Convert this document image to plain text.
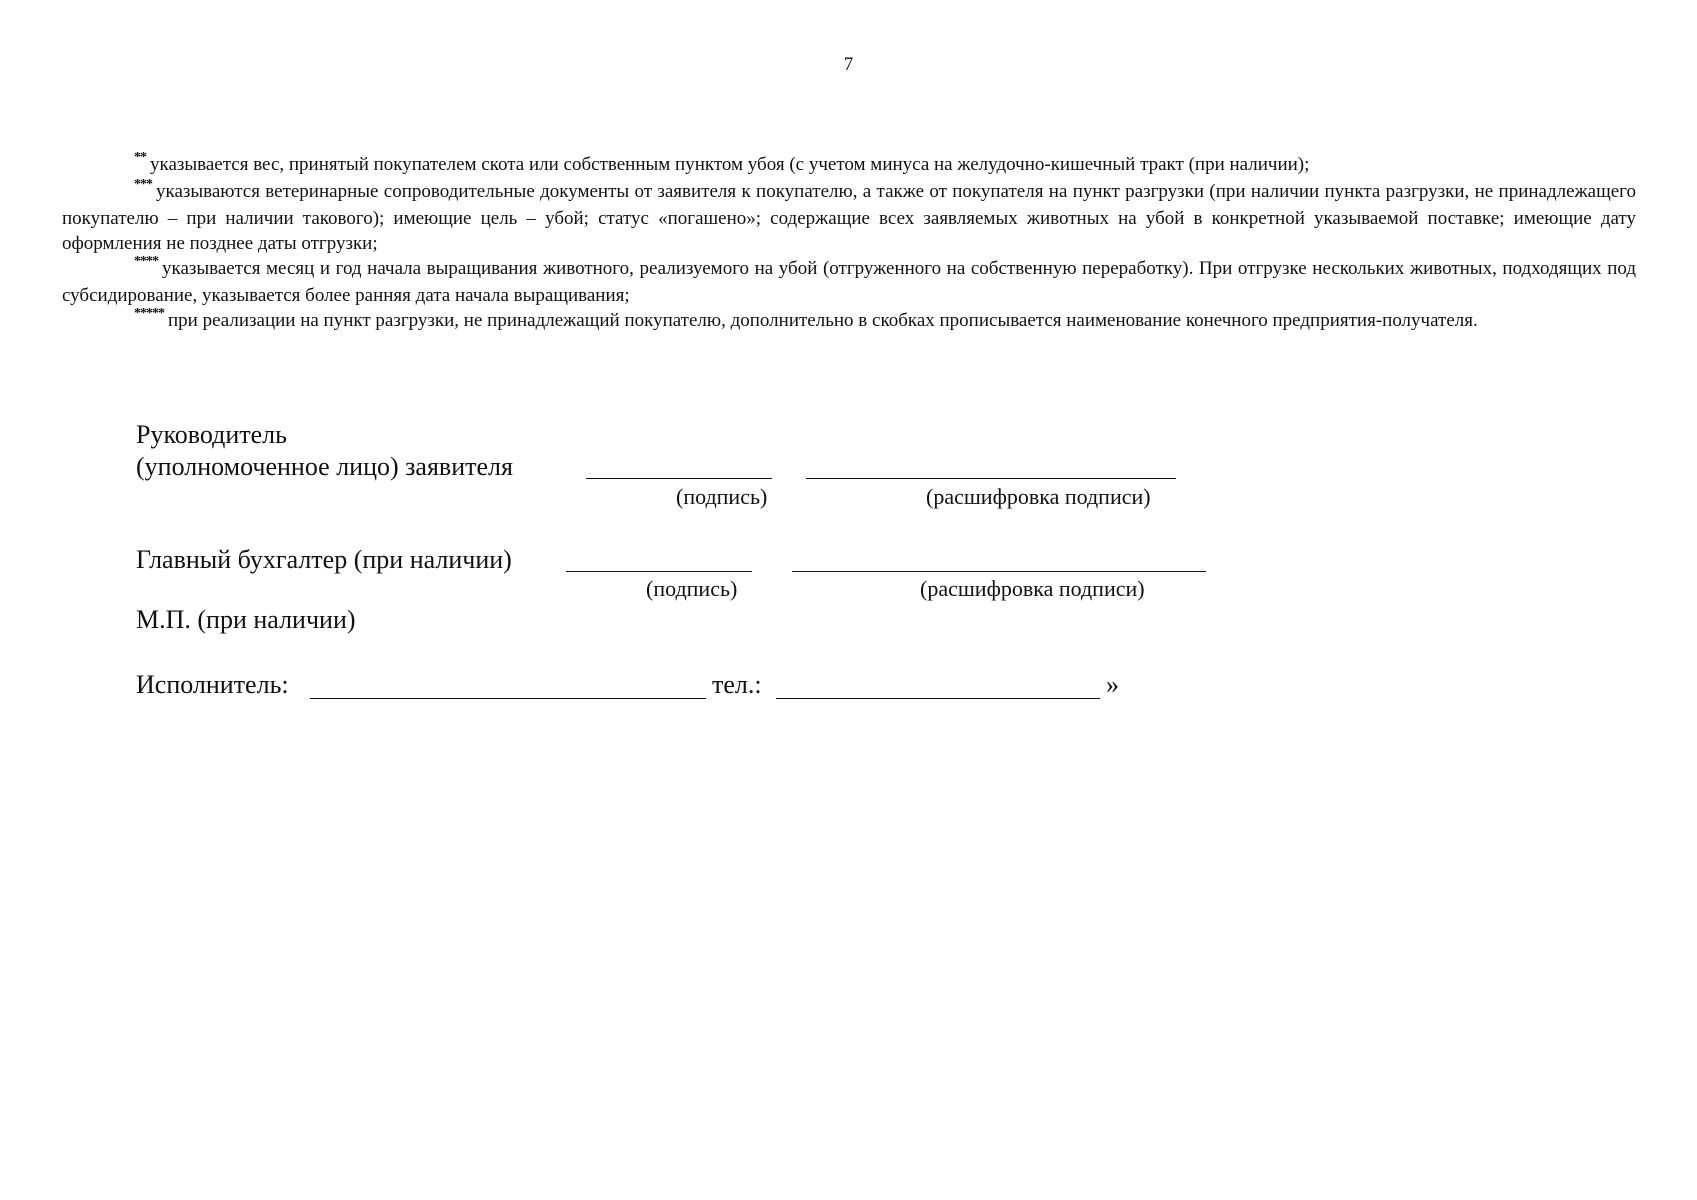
7

** указывается вес, принятый покупателем скота или собственным пунктом убоя (с учетом минуса на желудочно-кишечный тракт (при наличии);

*** указываются ветеринарные сопроводительные документы от заявителя к покупателю, а также от покупателя на пункт разгрузки (при наличии пункта разгрузки, не принадлежащего покупателю – при наличии такового); имеющие цель – убой; статус «погашено»; содержащие всех заявляемых животных на убой в конкретной указываемой поставке; имеющие дату оформления не позднее даты отгрузки;

**** указывается месяц и год начала выращивания животного, реализуемого на убой (отгруженного на собственную переработку). При отгрузке нескольких животных, подходящих под субсидирование, указывается более ранняя дата начала выращивания;

***** при реализации на пункт разгрузки, не принадлежащий покупателю, дополнительно в скобках прописывается наименование конечного предприятия-получателя.

Руководитель
(уполномоченное лицо) заявителя
(подпись)	(расшифровка подписи)
Главный бухгалтер (при наличии)
(подпись)	(расшифровка подписи)
М.П. (при наличии)
Исполнитель:	тел.:	»
